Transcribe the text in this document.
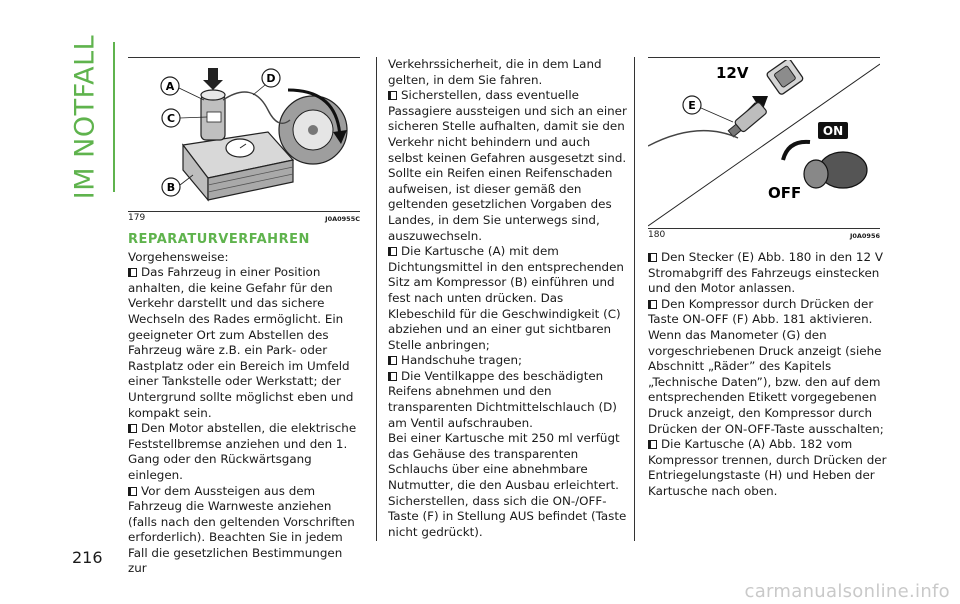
IM NOTFALL
216
A
D
C
B
179	J0A0955C
REPARATURVERFAHREN

Vorgehensweise:

Das Fahrzeug in einer Position anhalten, die keine Gefahr für den Verkehr darstellt und das sichere Wechseln des Rades ermöglicht. Ein geeigneter Ort zum Abstellen des Fahrzeug wäre z.B. ein Park- oder Rastplatz oder ein Bereich im Umfeld einer Tankstelle oder Werkstatt; der Untergrund sollte möglichst eben und kompakt sein.

Den Motor abstellen, die elektrische Feststellbremse anziehen und den 1. Gang oder den Rückwärtsgang einlegen.

Vor dem Aussteigen aus dem Fahrzeug die Warnweste anziehen (falls nach den geltenden Vorschriften erforderlich). Beachten Sie in jedem Fall die gesetzlichen Bestimmungen zur

Verkehrssicherheit, die in dem Land gelten, in dem Sie fahren.

Sicherstellen, dass eventuelle Passagiere aussteigen und sich an einer sicheren Stelle aufhalten, damit sie den Verkehr nicht behindern und auch selbst keinen Gefahren ausgesetzt sind. Sollte ein Reifen einen Reifenschaden aufweisen, ist dieser gemäß den geltenden gesetzlichen Vorgaben des Landes, in dem Sie unterwegs sind, auszuwechseln.

Die Kartusche (A) mit dem Dichtungsmittel in den entsprechenden Sitz am Kompressor (B) einführen und fest nach unten drücken. Das Klebeschild für die Geschwindigkeit (C) abziehen und an einer gut sichtbaren Stelle anbringen;

Handschuhe tragen;

Die Ventilkappe des beschädigten Reifens abnehmen und den transparenten Dichtmittelschlauch (D) am Ventil aufschrauben.

Bei einer Kartusche mit 250 ml verfügt das Gehäuse des transparenten Schlauchs über eine abnehmbare Nutmutter, die den Ausbau erleichtert. Sicherstellen, dass sich die ON-/OFF-Taste (F) in Stellung AUS befindet (Taste nicht gedrückt).

12V
E
ON
OFF
180	J0A0956

Den Stecker (E) Abb. 180 in den 12 V Stromabgriff des Fahrzeugs einstecken und den Motor anlassen.

Den Kompressor durch Drücken der Taste ON-OFF (F) Abb. 181 aktivieren. Wenn das Manometer (G) den vorgeschriebenen Druck anzeigt (siehe Abschnitt „Räder” des Kapitels „Technische Daten”), bzw. den auf dem entsprechenden Etikett vorgegebenen Druck anzeigt, den Kompressor durch Drücken der ON-OFF-Taste ausschalten;

Die Kartusche (A) Abb. 182 vom Kompressor trennen, durch Drücken der Entriegelungstaste (H) und Heben der Kartusche nach oben.

carmanualsonline.info
